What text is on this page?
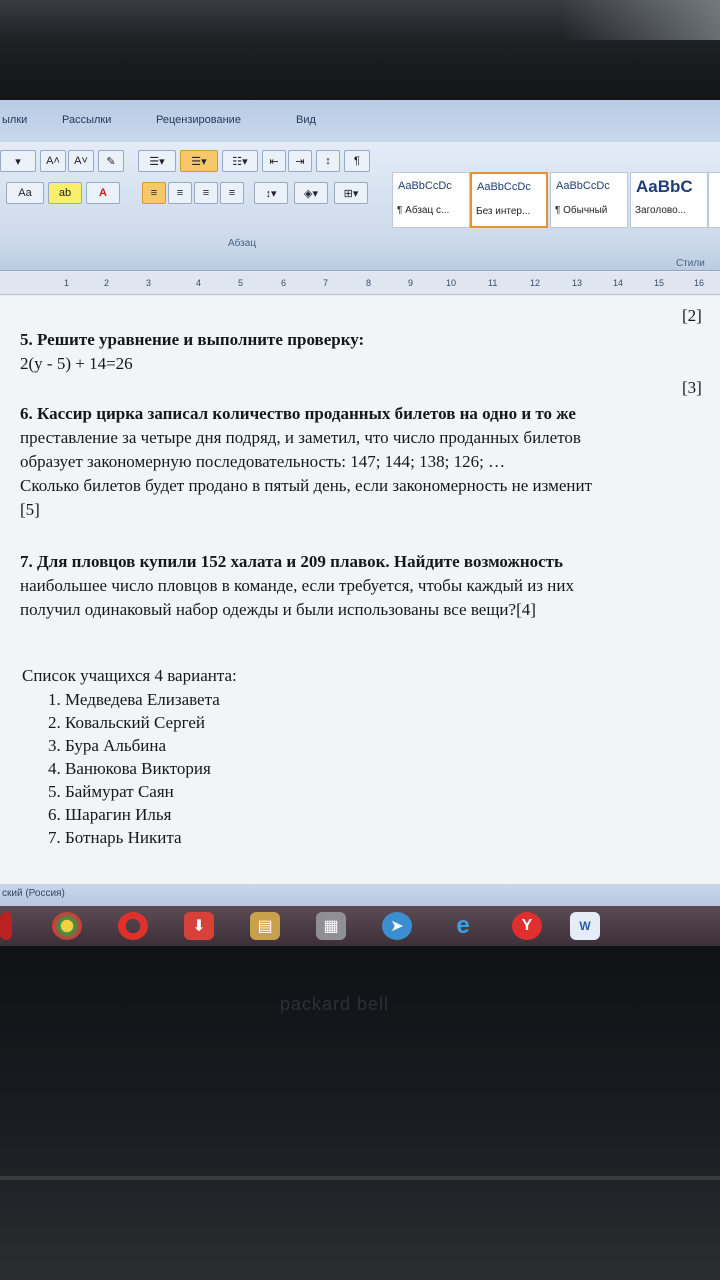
ылки	Рассылки	Рецензирование	Вид
▾	A˄	A˅	✎
Aa	ab	A
☰▾	☰▾	☷▾	⇤	⇥	↕	¶
≡	≡	≡	≡	↕▾	◈▾	⊞▾
Абзац
AaBbCcDc
¶ Абзац с...
AaBbCcDc
Без интер...
AaBbCcDc
¶ Обычный
AaBbC
Заголово...
Стили
1	2	3	4	5	6	7	8	9	10	11	12	13	14	15	16
[2]
5. Решите уравнение и выполните проверку:
2(y - 5) + 14=26
[3]
6. Кассир цирка записал количество проданных билетов на одно и то же
преставление за четыре дня подряд, и заметил, что число проданных билетов
образует закономерную последовательность: 147; 144; 138; 126; …
Сколько билетов будет продано в пятый день, если закономерность не изменит
[5]
7. Для пловцов купили 152 халата и 209 плавок. Найдите возможность
наибольшее число пловцов в команде, если требуется, чтобы каждый из них
получил одинаковый набор одежды и были использованы все вещи?[4]
Список учащихся 4 варианта:
1. Медведева Елизавета
2. Ковальский Сергей
3. Бура Альбина
4. Ванюкова Виктория
5. Баймурат Саян
6. Шарагин Илья
7. Ботнарь Никита
ский (Россия)
⬇	▤	▦	➤	e	Y	W
packard bell
